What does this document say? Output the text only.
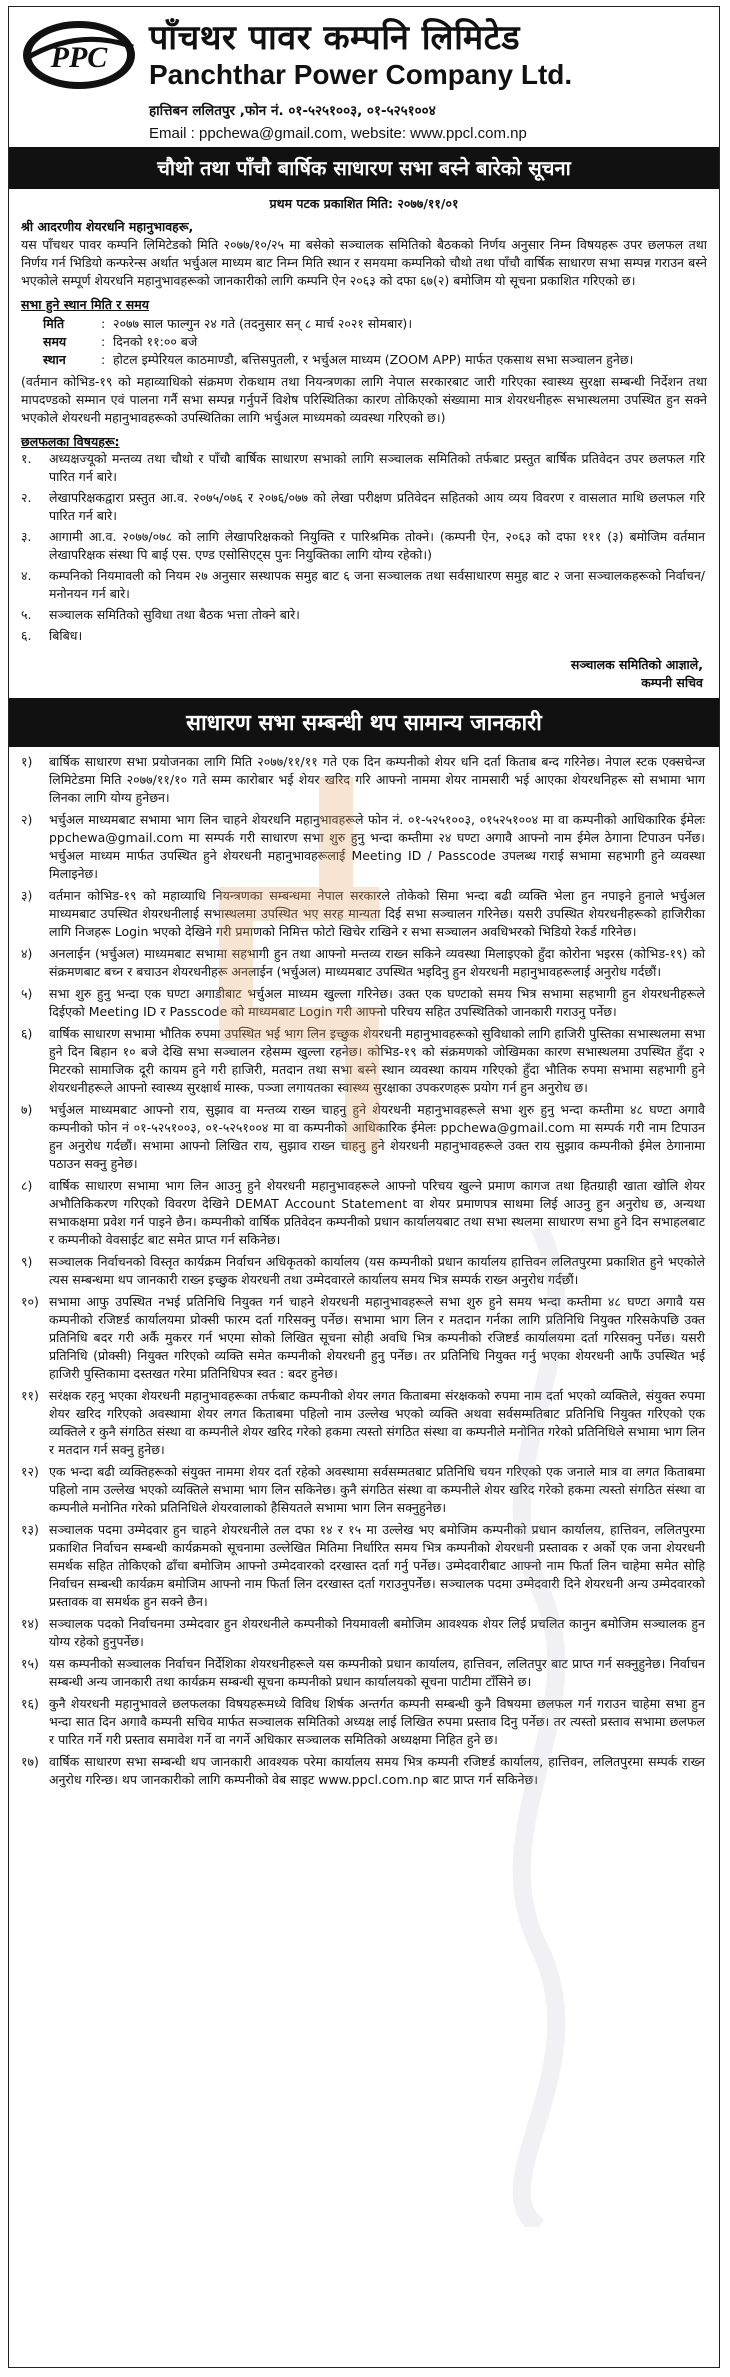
PPC पाँचथर पावर कम्पनि लिमिटेड
Panchthar Power Company Ltd.
हात्तिबन ललितपुर ,फोन नं. ०१-५२५१००३, ०१-५२५१००४
Email : ppchewa@gmail.com, website: www.ppcl.com.np
चौथो तथा पाँचौ बार्षिक साधारण सभा बस्ने बारेको सूचना
प्रथम पटक प्रकाशित मिति: २०७७/११/०१
श्री आदरणीय शेयरधनि महानुभावहरू,
यस पाँचथर पावर कम्पनि लिमिटेडको मिति २०७७/१०/२५ मा बसेको सञ्चालक समितिको बैठकको निर्णय अनुसार निम्न विषयहरू उपर छलफल तथा निर्णय गर्न भिडियो कन्फरेन्स अर्थात भर्चुअल माध्यम बाट निम्न मिति स्थान र समयमा कम्पनिको चौथो तथा पाँचौ वार्षिक साधारण सभा सम्पन्न गराउन बस्ने भएकोले सम्पूर्ण शेयरधनि महानुभावहरूको जानकारीको लागि कम्पनि ऐन २०६३ को दफा ६७(२) बमोजिम यो सूचना प्रकाशित गरिएको छ।
सभा हुने स्थान मिति र समय
मिति	: २०७७ साल फाल्गुन २४ गते (तदनुसार सन् ८ मार्च २०२१ सोमबार)।
समय	: दिनको ११:०० बजे
स्थान	: होटल इम्पेरियल काठमाण्डौ, बत्तिसपुतली, र भर्चुअल माध्यम (ZOOM APP) मार्फत एकसाथ सभा सञ्चालन हुनेछ।
(वर्तमान कोभिड-१९ को महाव्याधिको संक्रमण रोकथाम तथा नियन्त्रणका लागि नेपाल सरकारबाट जारी गरिएका स्वास्थ्य सुरक्षा सम्बन्धी निर्देशन तथा मापदण्डको सम्मान एवं पालना गर्नै सभा सम्पन्न गर्नुपर्ने विशेष परिस्थितिका कारण तोकिएको संख्यामा मात्र शेयरधनीहरू सभास्थलमा उपस्थित हुन सक्ने भएकोले शेयरधनी महानुभावहरूको उपस्थितिका लागि भर्चुअल माध्यमको व्यवस्था गरिएको छ।)
छलफलका विषयहरू:
१.	अध्यक्षज्यूको मन्तव्य तथा चौथो र पाँचौ बार्षिक साधारण सभाको लागि सञ्चालक समितिको तर्फबाट प्रस्तुत बार्षिक प्रतिवेदन उपर छलफल गरि पारित गर्न बारे।
२.	लेखापरिक्षकद्वारा प्रस्तुत आ.व. २०७५/०७६ र २०७६/०७७ को लेखा परीक्षण प्रतिवेदन सहितको आय व्यय विवरण र वासलात माथि छलफल गरि पारित गर्न बारे।
३.	आगामी आ.व. २०७७/०७८ को लागि लेखापरिक्षकको नियुक्ति र पारिश्रमिक तोक्ने। (कम्पनी ऐन, २०६३ को दफा १११ (३) बमोजिम वर्तमान लेखापरिक्षक संस्था पि बाई एस. एण्ड एसोसिएट्स पुनः नियुक्तिका लागि योग्य रहेको।)
४.	कम्पनिको नियमावली को नियम २७ अनुसार सस्थापक समुह बाट ६ जना सञ्चालक तथा सर्वसाधारण समुह बाट २ जना सञ्चालकहरूको निर्वाचन/मनोनयन गर्न बारे।
५.	सञ्चालक समितिको सुविधा तथा बैठक भत्ता तोक्ने बारे।
६.	बिबिध।
सञ्चालक समितिको आज्ञाले,
कम्पनी सचिव
साधारण सभा सम्बन्धी थप सामान्य जानकारी
१)	बार्षिक साधारण सभा प्रयोजनका लागि मिति २०७७/११/११ गते एक दिन कम्पनीको शेयर धनि दर्ता किताब बन्द गरिनेछ। नेपाल स्टक एक्सचेन्ज लिमिटेडमा मिति २०७७/११/१० गते सम्म कारोबार भई शेयर खरिद गरि आफ्नो नाममा शेयर नामसारी भई आएका शेयरधनिहरू सो सभामा भाग लिनका लागि योग्य हुनेछन।
२)	भर्चुअल माध्यमबाट सभामा भाग लिन चाहने शेयरधनि महानुभावहरूले फोन नं. ०१-५२५१००३, ०१५२५१००४ मा वा कम्पनीको आधिकारिक ईमेलः ppchewa@gmail.com मा सम्पर्क गरी साधारण सभा शुरु हुनु भन्दा कम्तीमा २४ घण्टा अगावै आफ्नो नाम ईमेल ठेगाना टिपाउन पर्नेछ। भर्चुअल माध्यम मार्फत उपस्थित हुने शेयरधनी महानुभावहरूलाई Meeting ID / Passcode उपलब्ध गराई सभामा सहभागी हुने व्यवस्था मिलाइनेछ।
३)	वर्तमान कोभिड-१९ को महाव्याधि नियन्त्रणका सम्बन्धमा नेपाल सरकारले तोकेको सिमा भन्दा बढी व्यक्ति भेला हुन नपाइने हुनाले भर्चुअल माध्यमबाट उपस्थित शेयरधनीलाई सभास्थलमा उपस्थित भए सरह मान्यता दिई सभा सञ्चालन गरिनेछ। यसरी उपस्थित शेयरधनीहरूको हाजिरीका लागि निजहरू Login भएको देखिने गरी प्रमाणको निमित्त फोटो खिचेर राखिने र सभा सञ्चालन अवधिभरको भिडियो रेकर्ड गरिनेछ।
४)	अनलाईन (भर्चुअल) माध्यमबाट सभामा सहभागी हुन तथा आफ्नो मन्तव्य राख्न सकिने व्यवस्था मिलाइएको हुँदा कोरोना भइरस (कोभिड-१९) को संक्रमणबाट बच्न र बचाउन शेयरधनीहरू अनलाईन (भर्चुअल) माध्यमबाट उपस्थित भइदिनु हुन शेयरधनी महानुभावहरूलाई अनुरोध गर्दछौं।
५)	सभा शुरु हुनु भन्दा एक घण्टा अगाडीबाट भर्चुअल माध्यम खुल्ला गरिनेछ। उक्त एक घण्टाको समय भित्र सभामा सहभागी हुन शेयरधनीहरूले दिईएको Meeting ID र Passcode को माध्यमबाट Login गरी आफ्नो परिचय सहित उपस्थितिको जानकारी गराउनु पर्नेछ।
६)	वार्षिक साधारण सभामा भौतिक रुपमा उपस्थित भई भाग लिन इच्छुक शेयरधनी महानुभावहरूको सुविधाको लागि हाजिरी पुस्तिका सभास्थलमा सभा हुने दिन बिहान १० बजे देखि सभा सञ्चालन रहेसम्म खुल्ला रहनेछ। कोभिड-१९ को संक्रमणको जोखिमका कारण सभास्थलमा उपस्थित हुँदा २ मिटरको सामाजिक दूरी कायम हुने गरी हाजिरी, मतदान तथा सभा बस्ने स्थान व्यवस्था कायम गरिएको हुँदा भौतिक रुपमा सभामा सहभागी हुने शेयरधनीहरूले आफ्नो स्वास्थ्य सुरक्षार्थ मास्क, पञ्जा लगायतका स्वास्थ्य सुरक्षाका उपकरणहरू प्रयोग गर्न हुन अनुरोध छ।
७)	भर्चुअल माध्यमबाट आफ्नो राय, सुझाव वा मन्तव्य राख्न चाहनु हुने शेयरधनी महानुभावहरूले सभा शुरु हुनु भन्दा कम्तीमा ४८ घण्टा अगावै कम्पनीको फोन नं ०१-५२५१००३, ०१-५२५१००४ मा वा कम्पनीको आधिकारिक ईमेलः ppchewa@gmail.com मा सम्पर्क गरी नाम टिपाउन हुन अनुरोध गर्दछौं। सभामा आफ्नो लिखित राय, सुझाव राख्न चाहनु हुने शेयरधनी महानुभावहरूले उक्त राय सुझाव कम्पनीको ईमेल ठेगानामा पठाउन सक्नु हुनेछ।
८)	वार्षिक साधारण सभामा भाग लिन आउनु हुने शेयरधनी महानुभावहरूले आफ्नो परिचय खुल्ने प्रमाण कागज तथा हितग्राही खाता खोलि शेयर अभौतिकिकरण गरिएको विवरण देखिने DEMAT Account Statement वा शेयर प्रमाणपत्र साथमा लिई आउनु हुन अनुरोध छ, अन्यथा सभाकक्षमा प्रवेश गर्न पाइने छैन। कम्पनीको वार्षिक प्रतिवेदन कम्पनीको प्रधान कार्यालयबाट तथा सभा स्थलमा साधारण सभा हुने दिन सभाहलबाट र कम्पनीको वेवसाईट बाट समेत प्राप्त गर्न सकिनेछ।
९)	सञ्चालक निर्वाचनको विस्तृत कार्यक्रम निर्वाचन अधिकृतको कार्यालय (यस कम्पनीको प्रधान कार्यालय हात्तिवन ललितपुरमा प्रकाशित हुने भएकोले त्यस सम्बन्धमा थप जानकारी राख्न इच्छुक शेयरधनी तथा उम्मेदवारले कार्यालय समय भित्र सम्पर्क राख्न अनुरोध गर्दछौं।
१०) सभामा आफु उपस्थित नभई प्रतिनिधि नियुक्त गर्न चाहने शेयरधनी महानुभावहरूले सभा शुरु हुने समय भन्दा कम्तीमा ४८ घण्टा अगावै यस कम्पनीको रजिष्टर्ड कार्यालयमा प्रोक्सी फारम दर्ता गरिसक्नु पर्नेछ। सभामा भाग लिन र मतदान गर्नका लागि प्रतिनिधि नियुक्त गरिसकेपछि उक्त प्रतिनिधि बदर गरी अर्कै मुकरर गर्न भएमा सोको लिखित सूचना सोही अवधि भित्र कम्पनीको रजिष्टर्ड कार्यालयमा दर्ता गरिसक्नु पर्नेछ। यसरी प्रतिनिधि (प्रोक्सी) नियुक्त गरिएको व्यक्ति समेत कम्पनीको शेयरधनी हुनु पर्नेछ। तर प्रतिनिधि नियुक्त गर्नु भएका शेयरधनी आफैं उपस्थित भई हाजिरी पुस्तिकामा दस्तखत गरेमा प्रतिनिधिपत्र स्वत : बदर हुनेछ।
११) सरंक्षक रहनु भएका शेयरधनी महानुभावहरूका तर्फबाट कम्पनीको शेयर लगत किताबमा संरक्षकको रुपमा नाम दर्ता भएको व्यक्तिले, संयुक्त रुपमा शेयर खरिद गरिएको अवस्थामा शेयर लगत किताबमा पहिलो नाम उल्लेख भएको व्यक्ति अथवा सर्वसम्मतिबाट प्रतिनिधि नियुक्त गरिएको एक व्यक्तिले र कुनै संगठित संस्था वा कम्पनीले शेयर खरिद गरेको हकमा त्यस्तो संगठित संस्था वा कम्पनीले मनोनित गरेको प्रतिनिधिले सभामा भाग लिन र मतदान गर्न सक्नु हुनेछ।
१२) एक भन्दा बढी व्यक्तिहरूको संयुक्त नाममा शेयर दर्ता रहेको अवस्थामा सर्वसम्मतबाट प्रतिनिधि चयन गरिएको एक जनाले मात्र वा लगत किताबमा पहिलो नाम उल्लेख भएको व्यक्तिले सभामा भाग लिन सकिनेछ। कुनै संगठित संस्था वा कम्पनीले शेयर खरिद गरेको हकमा त्यस्तो संगठित संस्था वा कम्पनीले मनोनित गरेको प्रतिनिधिले शेयरवालाको हैसियतले सभामा भाग लिन सक्नुहुनेछ।
१३) सञ्चालक पदमा उम्मेदवार हुन चाहने शेयरधनीले तल दफा १४ र १५ मा उल्लेख भए बमोजिम कम्पनीको प्रधान कार्यालय, हात्तिवन, ललितपुरमा प्रकाशित निर्वाचन सम्बन्धी कार्यक्रमको सूचनामा उल्लेखित मितिमा निर्धारित समय भित्र कम्पनीको शेयरधनी प्रस्तावक र अर्को एक जना शेयरधनी समर्थक सहित तोकिएको ढाँचा बमोजिम आफ्नो उम्मेदवारको दरखास्त दर्ता गर्नु पर्नेछ। उम्मेदवारीबाट आफ्नो नाम फिर्ता लिन चाहेमा समेत सोहि निर्वाचन सम्बन्धी कार्यक्रम बमोजिम आफ्नो नाम फिर्ता लिन दरखास्त दर्ता गराउनुपर्नेछ। सञ्चालक पदमा उम्मेदवारी दिने शेयरधनी अन्य उम्मेदवारको प्रस्तावक वा समर्थक हुन सक्ने छैन।
१४) सञ्चालक पदको निर्वाचनमा उम्मेदवार हुन शेयरधनीले कम्पनीको नियमावली बमोजिम आवश्यक शेयर लिई प्रचलित कानुन बमोजिम सञ्चालक हुन योग्य रहेको हुनुपर्नेछ।
१५) यस कम्पनीको सञ्चालक निर्वाचन निर्देशिका शेयरधनीहरूले यस कम्पनीको प्रधान कार्यालय, हात्तिवन, ललितपुर बाट प्राप्त गर्न सक्नुहुनेछ। निर्वाचन सम्बन्धी अन्य जानकारी तथा कार्यक्रम सम्बन्धी सूचना कम्पनीको प्रधान कार्यालयको सूचना पाटीमा टाँसिने छ।
१६) कुनै शेयरधनी महानुभावले छलफलका विषयहरूमध्ये विविध शिर्षक अन्तर्गत कम्पनी सम्बन्धी कुनै विषयमा छलफल गर्न गराउन चाहेमा सभा हुन भन्दा सात दिन अगावै कम्पनी सचिव मार्फत सञ्चालक समितिको अध्यक्ष लाई लिखित रुपमा प्रस्ताव दिनु पर्नेछ। तर त्यस्तो प्रस्ताव सभामा छलफल र पारित गर्ने गरी प्रस्ताव समावेश गर्ने वा नगर्ने अधिकार सञ्चालक समितिको अध्यक्षमा निहित हुने छ।
१७) वार्षिक साधारण सभा सम्बन्धी थप जानकारी आवश्यक परेमा कार्यालय समय भित्र कम्पनी रजिष्टर्ड कार्यालय, हात्तिवन, ललितपुरमा सम्पर्क राख्न अनुरोध गरिन्छ। थप जानकारीको लागि कम्पनीको वेब साइट www.ppcl.com.np बाट प्राप्त गर्न सकिनेछ।
